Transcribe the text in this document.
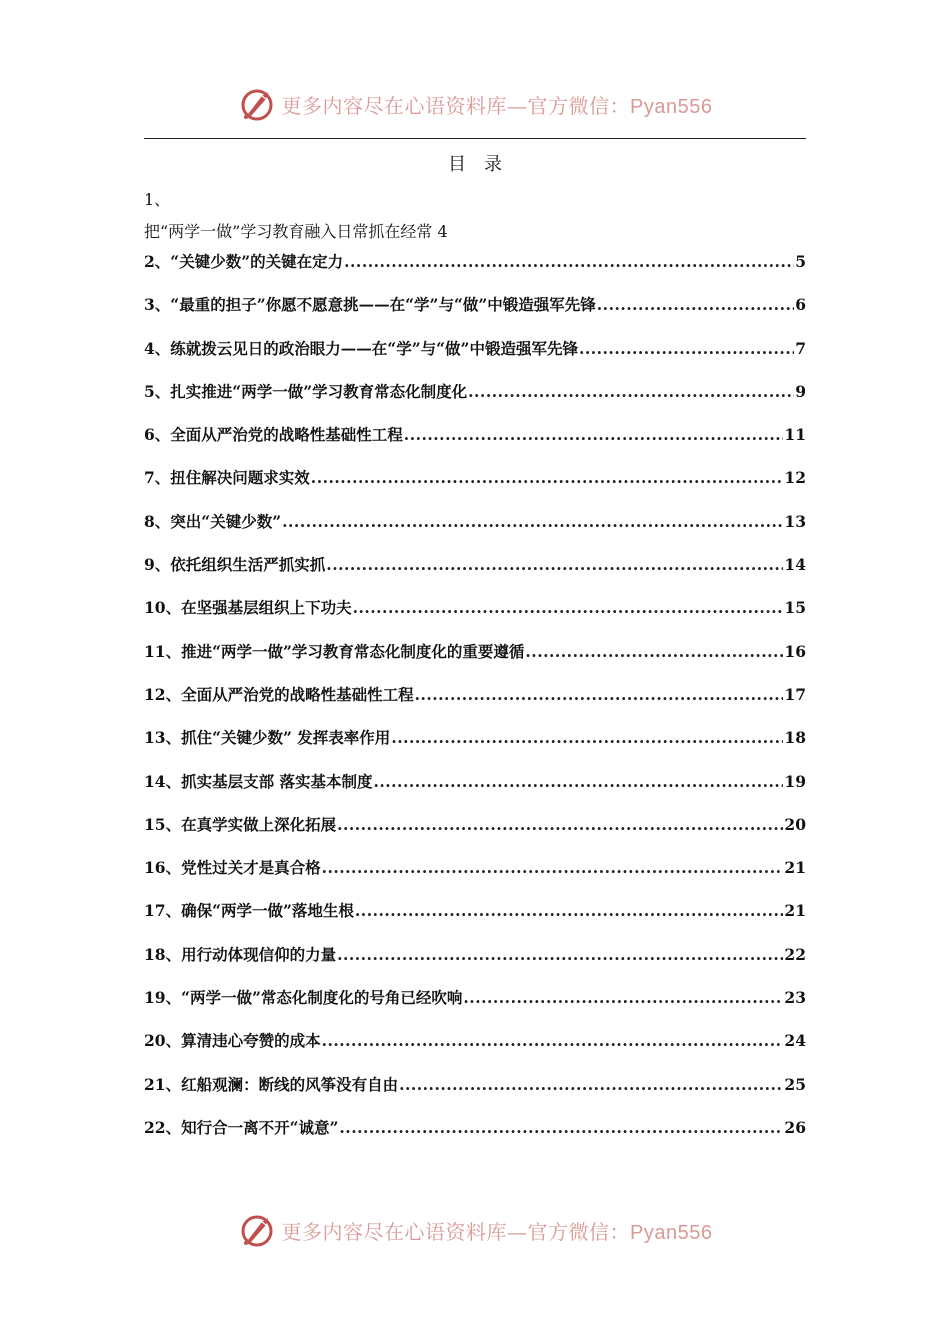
更多内容尽在心语资料库—官方微信：Pyan556
目录
1、
把“两学一做”学习教育融入日常抓在经常 4
2、“关键少数”的关键在定力 .....	5
3、“最重的担子”你愿不愿意挑——在“学”与“做”中锻造强军先锋 .....	6
4、练就拨云见日的政治眼力——在“学”与“做”中锻造强军先锋 .....	7
5、扎实推进“两学一做”学习教育常态化制度化 .....	9
6、全面从严治党的战略性基础性工程 .....	11
7、扭住解决问题求实效 .....	12
8、突出“关键少数” .....	13
9、依托组织生活严抓实抓 .....	14
10、在坚强基层组织上下功夫 .....	15
11、推进“两学一做”学习教育常态化制度化的重要遵循 .....	16
12、全面从严治党的战略性基础性工程 .....	17
13、抓住“关键少数” 发挥表率作用 .....	18
14、抓实基层支部 落实基本制度 .....	19
15、在真学实做上深化拓展 .....	20
16、党性过关才是真合格 .....	21
17、确保“两学一做”落地生根 .....	21
18、用行动体现信仰的力量 .....	22
19、“两学一做”常态化制度化的号角已经吹响 .....	23
20、算清违心夸赞的成本 .....	24
21、红船观澜：断线的风筝没有自由 .....	25
22、知行合一离不开“诚意” .....	26
更多内容尽在心语资料库—官方微信：Pyan556
